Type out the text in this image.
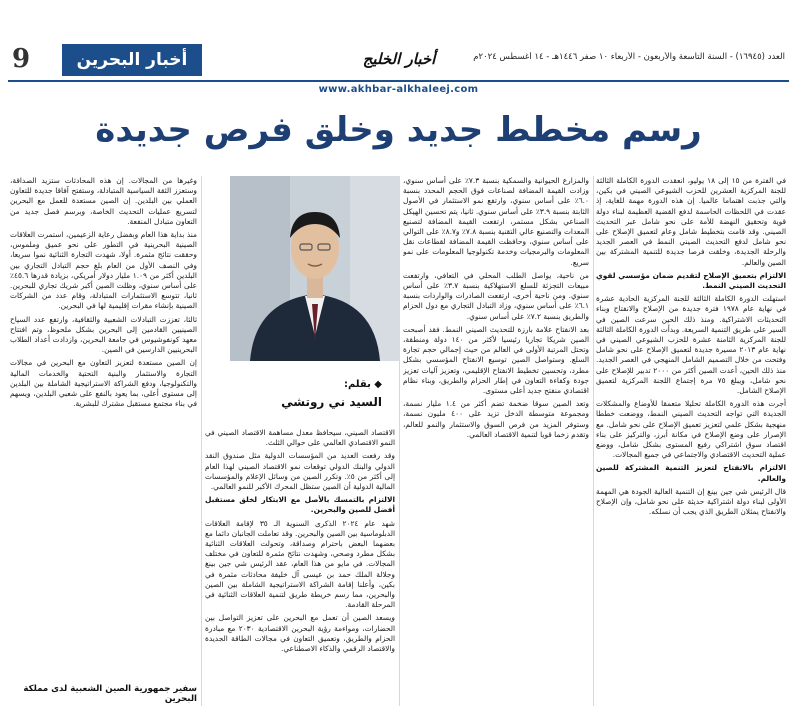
9	أخبار البحرين	أخبار الخليج	العدد (١٦٩٤٥) - السنة التاسعة والأربعون - الأربعاء ١٠ صفر ١٤٤٦هـ - ١٤ أغسطس ٢٠٢٤م
www.akhbar-alkhaleej.com
رسم مخطط جديد وخلق فرص جديدة

في الفترة من ١٥ إلى ١٨ يوليو، انعقدت الدورة الكاملة الثالثة للجنة المركزية العشرين للحزب الشيوعي الصيني في بكين، والتي جذبت اهتماما عالميا. إن هذه الدورة مهمة للغاية، إذ عقدت في اللحظات الحاسمة لدفع القضية العظيمة لبناء دولة قوية وتحقيق النهضة للأمة على نحو شامل عبر التحديث الصيني. وقد قامت بتخطيط شامل وعام لتعميق الإصلاح على نحو شامل لدفع التحديث الصيني النمط في العصر الجديد والرحلة الجديدة، وخلقت فرصا جديدة للتنمية المشتركة بين الصين والعالم.

الالتزام بتعميق الإصلاح لتقديم ضمان مؤسسي لقوي التحديث الصيني النمط.

استهلت الدورة الكاملة الثالثة للجنة المركزية الحادية عشرة في نهاية عام ١٩٧٨ فترة جديدة من الإصلاح والانفتاح وبناء التحديثات الاشتراكية. ومنذ ذلك الحين سرعت الصين في السير على طريق التنمية السريعة. وبدأت الدورة الكاملة الثالثة للجنة المركزية الثامنة عشرة للحزب الشيوعي الصيني في نهاية عام ٢٠١٣ مسيرة جديدة لتعميق الإصلاح على نحو شامل وفتحت من خلال التصميم الشامل المنهجي في العصر الجديد. منذ ذلك الحين، أعدت الصين أكثر من ٢٠٠٠ تدبير للإصلاح على نحو شامل، ويبلغ ٧٥ مرة إجتماع اللجنة المركزية لتعميق الإصلاح الشامل.

أجرت هذه الدورة الكاملة تحليلا متعمقا للأوضاع والمشكلات الجديدة التي تواجه التحديث الصيني النمط، ووضعت خططا منهجية بشكل علمي لتعزيز تعميق الإصلاح على نحو شامل. مع الإصرار على وضع الإصلاح في مكانة أبرز، والتركيز على بناء اقتصاد سوق اشتراكي رفيع المستوى بشكل شامل، ووضع عملية التحديث الاقتصادي والاجتماعي في جميع المجالات.

الالتزام بالانفتاح لتعزيز التنمية المشتركة للصين والعالم.

قال الرئيس شي جين بينغ إن التنمية العالية الجودة هي المهمة الأولى لبناء دولة اشتراكية حديثة على نحو شامل، وإن الإصلاح والانفتاح يمثلان الطريق الذي يجب أن نسلكه.

والمزارع الحيوانية والسمكية بنسبة ٧.٣٪ على أساس سنوي، وزادت القيمة المضافة لصناعات فوق الحجم المحدد بنسبة ٦.٠٪ على أساس سنوي، وارتفع نمو الاستثمار في الأصول الثابتة بنسبة ٣.٩٪ على أساس سنوي. ثانيا، يتم تحسين الهيكل الصناعي بشكل مستمر، ارتفعت القيمة المضافة لتصنيع المعدات والتصنيع عالي التقنية بنسبة ٧.٨٪ و٨.٧٪ على التوالي على أساس سنوي، وحافظت القيمة المضافة لقطاعات نقل المعلومات والبرمجيات وخدمة تكنولوجيا المعلومات على نمو سريع.

من ناحية، يواصل الطلب المحلي في التعافي، وارتفعت مبيعات التجزئة للسلع الاستهلاكية بنسبة ٣.٧٪ على أساس سنوي. ومن ناحية أخرى، ارتفعت الصادرات والواردات بنسبة ٦.١٪ على أساس سنوي، وزاد التبادل التجاري مع دول الحزام والطريق بنسبة ٧.٢٪ على أساس سنوي.

بعد الانفتاح علامة بارزة للتحديث الصيني النمط. فقد أصبحت الصين شريكا تجاريا رئيسيا لأكثر من ١٤٠ دولة ومنطقة، وتحتل المرتبة الأولى في العالم من حيث إجمالي حجم تجارة السلع. وستواصل الصين توسيع الانفتاح المؤسسي بشكل مطرد، وتحسين تخطيط الانفتاح الإقليمي، وتعزيز آليات تعزيز جودة وكفاءة التعاون في إطار الحزام والطريق، وبناء نظام اقتصادي منفتح جديد أعلى مستوى.

وتعد الصين سوقا ضخمة تضم أكثر من ١.٤ مليار نسمة، ومجموعة متوسطة الدخل تزيد على ٤٠٠ مليون نسمة، وستوفر المزيد من فرص السوق والاستثمار والنمو للعالم، وتقدم زخما قويا لتنمية الاقتصاد العالمي.

◆ بقلم:
السيد ني روتشي

الاقتصاد الصيني، سيحافظ معدل مساهمة الاقتصاد الصيني في النمو الاقتصادي العالمي على حوالي الثلث.

وقد رفعت العديد من المؤسسات الدولية مثل صندوق النقد الدولي والبنك الدولي توقعات نمو الاقتصاد الصيني لهذا العام إلى أكثر من ٥٪. وتكرر الصين من وسائل الإعلام والمؤسسات المالية الدولية أن الصين ستظل المحرك الأكبر للنمو العالمي.

الالتزام بالتمسك بالأصل مع الابتكار لخلق مستقبل أفضل للصين والبحرين.

شهد عام ٢٠٢٤ الذكرى السنوية الـ ٣٥ لإقامة العلاقات الدبلوماسية بين الصين والبحرين. وقد تعاملت الجانبان دائما مع بعضهما البعض باحترام وصداقة، وتحولت العلاقات الثنائية بشكل مطرد وصحي، وشهدت نتائج مثمرة للتعاون في مختلف المجالات. في مايو من هذا العام، عقد الرئيس شي جين بينغ وجلالة الملك حمد بن عيسى آل خليفة محادثات مثمرة في بكين، وأعلنا إقامة الشراكة الاستراتيجية الشاملة بين الصين والبحرين، مما رسم خريطة طريق لتنمية العلاقات الثنائية في المرحلة القادمة.

ويسعد الصين أن تعمل مع البحرين على تعزيز التواصل بين الحضارات، ومواءمة رؤية البحرين الاقتصادية ٢٠٣٠ مع مبادرة الحزام والطريق، وتعميق التعاون في مجالات الطاقة الجديدة والاقتصاد الرقمي والذكاء الاصطناعي.

وغيرها من المجالات. إن هذه المحادثات ستزيد الصداقة، وستعزز الثقة السياسية المتبادلة، وستفتح آفاقا جديدة للتعاون العملي بين البلدين. إن الصين مستعدة للعمل مع البحرين لتسريع عمليات التحديث الخاصة، وبرسم فصل جديد من التعاون متبادل المنفعة.

منذ بداية هذا العام وبفضل رعاية الزعيمين، استمرت العلاقات الصينية البحرينية في التطور على نحو عميق وملموس، وحققت نتائج مثمرة. أولا، شهدت التجارة الثنائية نموا سريعا، وفي النصف الأول من العام بلغ حجم التبادل التجاري بين البلدين أكثر من ١.٠٩ مليار دولار أمريكي، بزيادة قدرها ٤٥.٦٪ على أساس سنوي، وظلت الصين أكبر شريك تجاري للبحرين. ثانيا، تتوسع الاستثمارات المتبادلة، وقام عدد من الشركات الصينية بإنشاء مقرات إقليمية لها في البحرين.

ثالثا، تعززت التبادلات الشعبية والثقافية، وارتفع عدد السياح الصينيين القادمين إلى البحرين بشكل ملحوظ، وتم افتتاح معهد كونفوشيوس في جامعة البحرين، وازدادت أعداد الطلاب البحرينيين الدارسين في الصين.

إن الصين مستعدة لتعزيز التعاون مع البحرين في مجالات التجارة والاستثمار والبنية التحتية والخدمات المالية والتكنولوجيا، ودفع الشراكة الاستراتيجية الشاملة بين البلدين إلى مستوى أعلى، بما يعود بالنفع على شعبي البلدين، ويسهم في بناء مجتمع مستقبل مشترك للبشرية.

سفير جمهورية الصين الشعبية لدى مملكة البحرين
